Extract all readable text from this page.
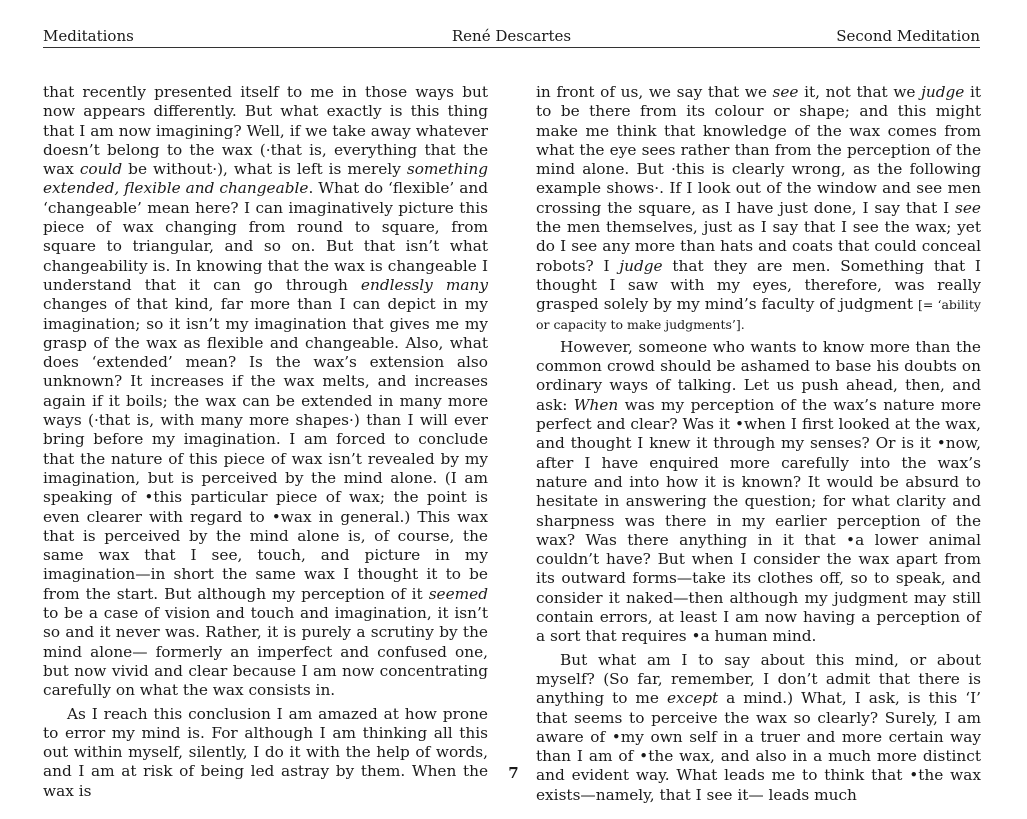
Meditations	René Descartes	Second Meditation

that recently presented itself to me in those ways but now appears differently. But what exactly is this thing that I am now imagining? Well, if we take away whatever doesn’t belong to the wax (·that is, everything that the wax could be without·), what is left is merely something extended, flexible and changeable. What do ‘flexible’ and ‘changeable’ mean here? I can imaginatively picture this piece of wax changing from round to square, from square to triangular, and so on. But that isn’t what changeability is. In knowing that the wax is changeable I understand that it can go through endlessly many changes of that kind, far more than I can depict in my imagination; so it isn’t my imagination that gives me my grasp of the wax as flexible and changeable. Also, what does ‘extended’ mean? Is the wax’s extension also unknown? It increases if the wax melts, and increases again if it boils; the wax can be extended in many more ways (·that is, with many more shapes·) than I will ever bring before my imagination. I am forced to conclude that the nature of this piece of wax isn’t revealed by my imagination, but is perceived by the mind alone. (I am speaking of •this particular piece of wax; the point is even clearer with regard to •wax in general.) This wax that is perceived by the mind alone is, of course, the same wax that I see, touch, and picture in my imagination—in short the same wax I thought it to be from the start. But although my perception of it seemed to be a case of vision and touch and imagination, it isn’t so and it never was. Rather, it is purely a scrutiny by the mind alone— formerly an imperfect and confused one, but now vivid and clear because I am now concentrating carefully on what the wax consists in.

As I reach this conclusion I am amazed at how prone to error my mind is. For although I am thinking all this out within myself, silently, I do it with the help of words, and I am at risk of being led astray by them. When the wax is

in front of us, we say that we see it, not that we judge it to be there from its colour or shape; and this might make me think that knowledge of the wax comes from what the eye sees rather than from the perception of the mind alone. But ·this is clearly wrong, as the following example shows·. If I look out of the window and see men crossing the square, as I have just done, I say that I see the men themselves, just as I say that I see the wax; yet do I see any more than hats and coats that could conceal robots? I judge that they are men. Something that I thought I saw with my eyes, therefore, was really grasped solely by my mind’s faculty of judgment [= ‘ability or capacity to make judgments’].

However, someone who wants to know more than the common crowd should be ashamed to base his doubts on ordinary ways of talking. Let us push ahead, then, and ask: When was my perception of the wax’s nature more perfect and clear? Was it •when I first looked at the wax, and thought I knew it through my senses? Or is it •now, after I have enquired more carefully into the wax’s nature and into how it is known? It would be absurd to hesitate in answering the question; for what clarity and sharpness was there in my earlier perception of the wax? Was there anything in it that •a lower animal couldn’t have? But when I consider the wax apart from its outward forms—take its clothes off, so to speak, and consider it naked—then although my judgment may still contain errors, at least I am now having a perception of a sort that requires •a human mind.

But what am I to say about this mind, or about myself? (So far, remember, I don’t admit that there is anything to me except a mind.) What, I ask, is this ‘I’ that seems to perceive the wax so clearly? Surely, I am aware of •my own self in a truer and more certain way than I am of •the wax, and also in a much more distinct and evident way. What leads me to think that •the wax exists—namely, that I see it— leads much

7
